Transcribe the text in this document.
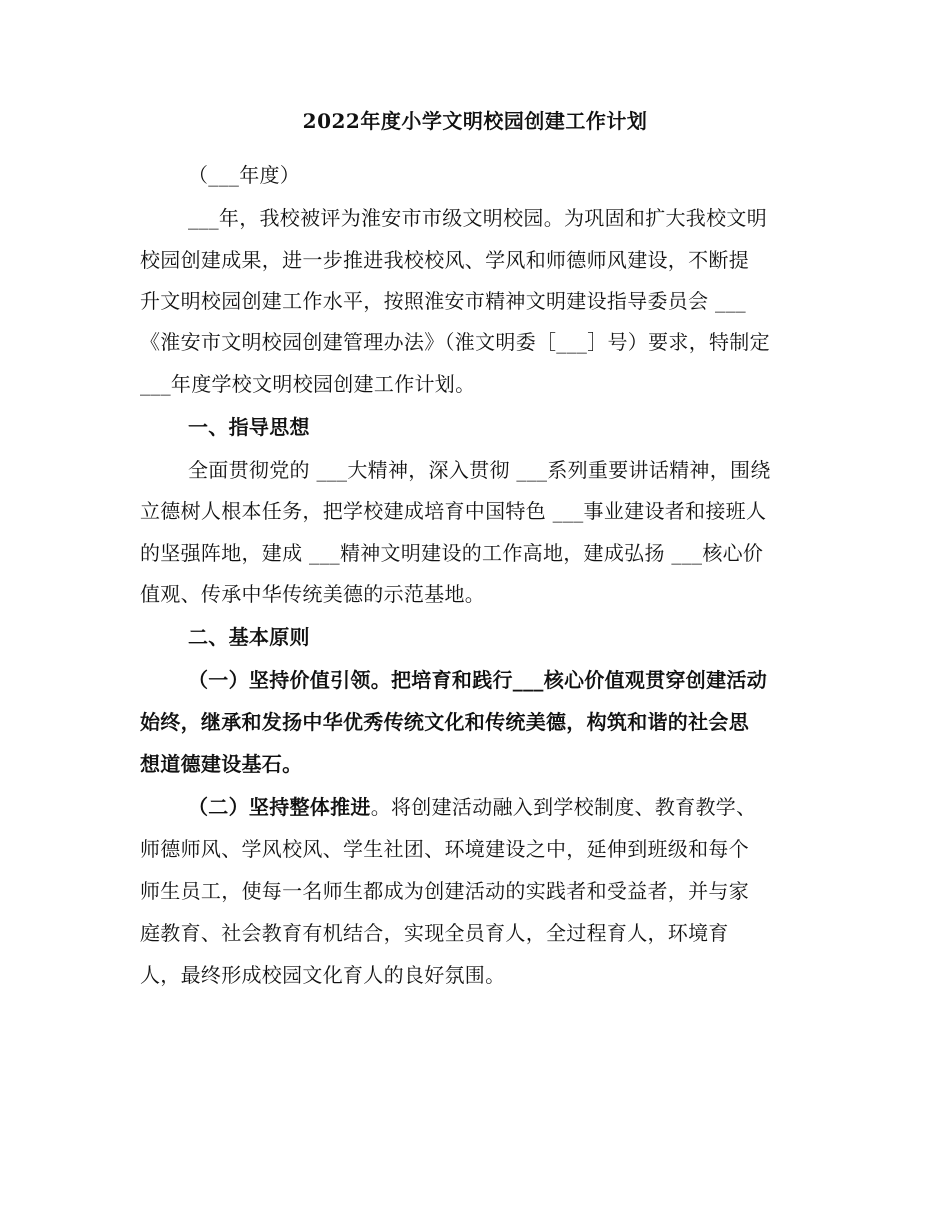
2022年度小学文明校园创建工作计划
（___年度）
___年，我校被评为淮安市市级文明校园。为巩固和扩大我校文明
校园创建成果，进一步推进我校校风、学风和师德师风建设，不断提
升文明校园创建工作水平，按照淮安市精神文明建设指导委员会 ___
《淮安市文明校园创建管理办法》（淮文明委［___］号）要求，特制定
___年度学校文明校园创建工作计划。
一、指导思想
全面贯彻党的 ___大精神，深入贯彻 ___系列重要讲话精神，围绕
立德树人根本任务，把学校建成培育中国特色 ___事业建设者和接班人
的坚强阵地，建成 ___精神文明建设的工作高地，建成弘扬 ___核心价
值观、传承中华传统美德的示范基地。
二、基本原则
（一）坚持价值引领。把培育和践行___核心价值观贯穿创建活动
始终，继承和发扬中华优秀传统文化和传统美德，构筑和谐的社会思
想道德建设基石。
（二）坚持整体推进。将创建活动融入到学校制度、教育教学、
师德师风、学风校风、学生社团、环境建设之中，延伸到班级和每个
师生员工，使每一名师生都成为创建活动的实践者和受益者，并与家
庭教育、社会教育有机结合，实现全员育人，全过程育人，环境育
人，最终形成校园文化育人的良好氛围。
